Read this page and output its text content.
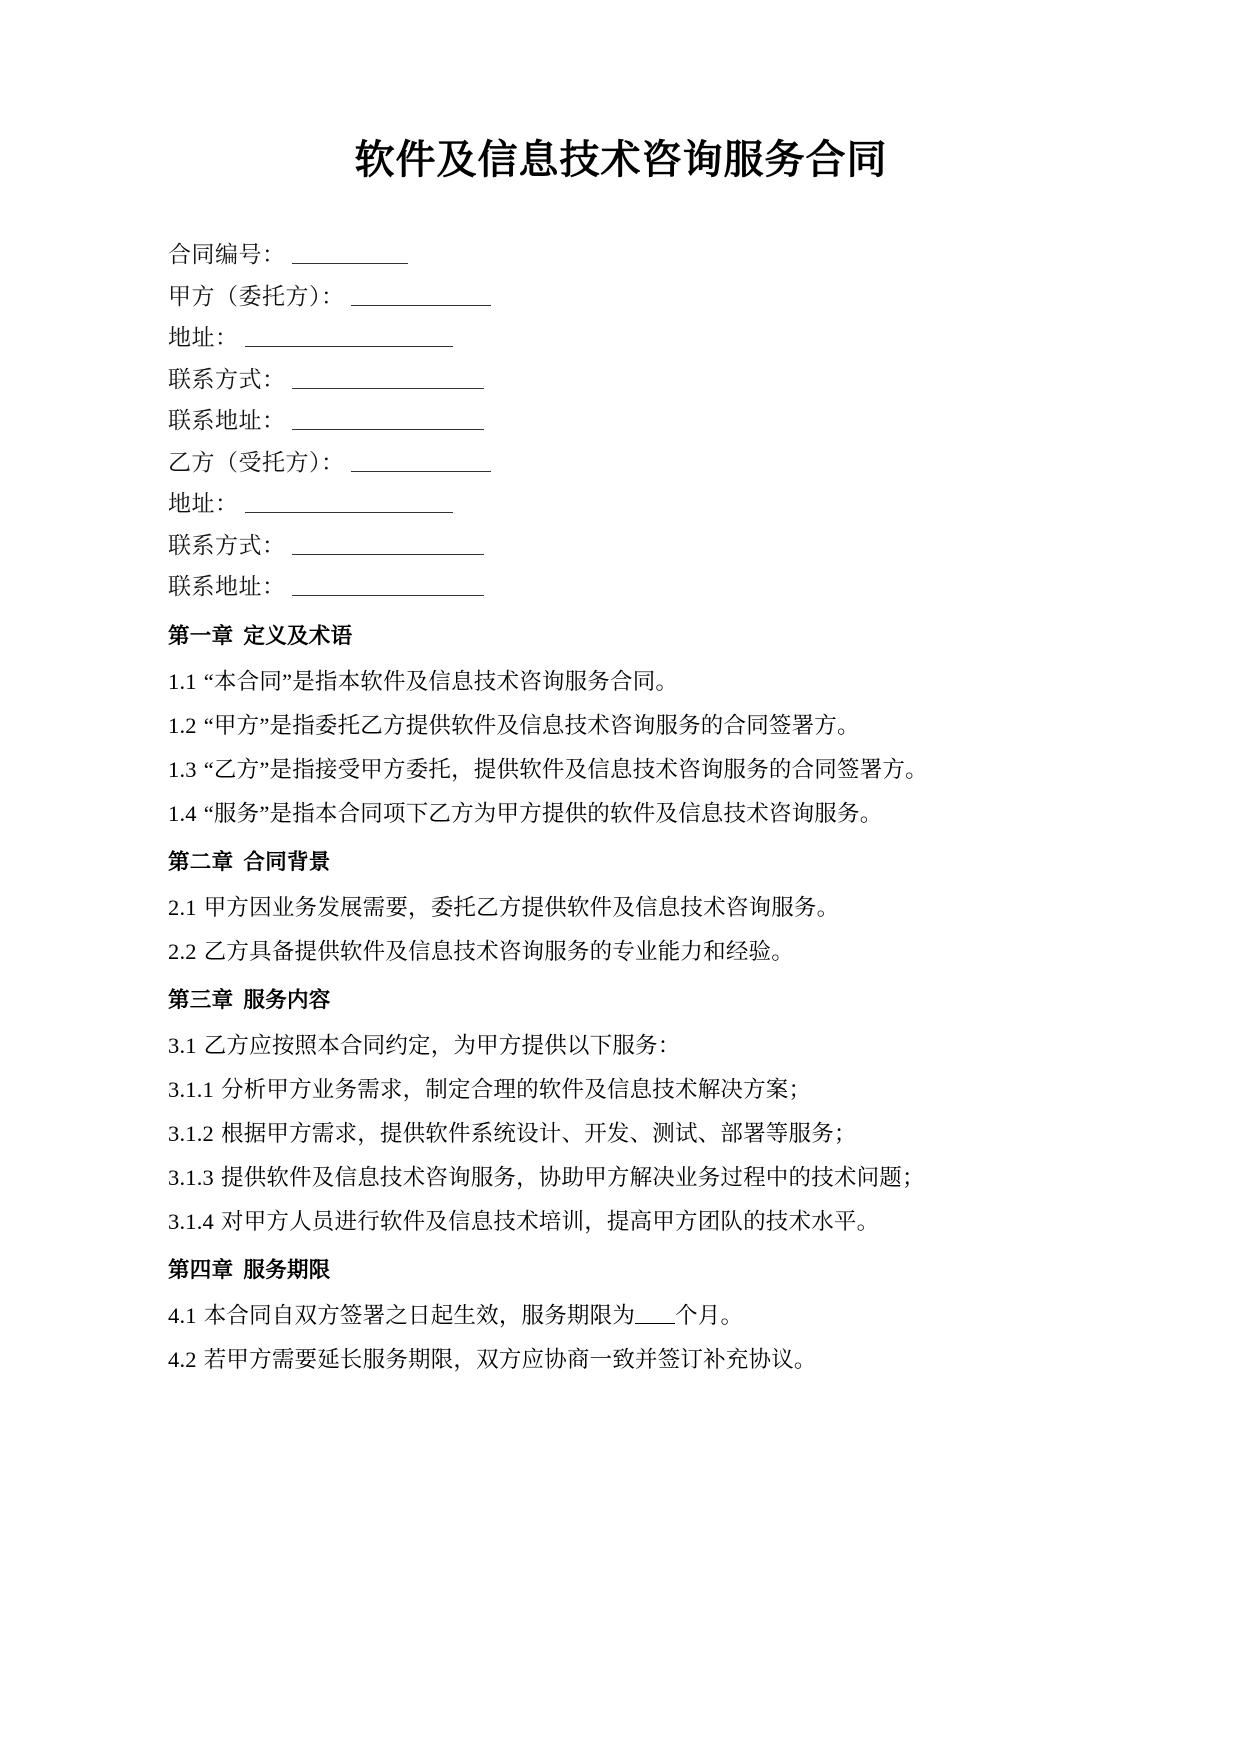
软件及信息技术咨询服务合同
合同编号：
甲方（委托方）：
地址：
联系方式：
联系地址：
乙方（受托方）：
地址：
联系方式：
联系地址：
第一章 定义及术语

1.1 “本合同”是指本软件及信息技术咨询服务合同。

1.2 “甲方”是指委托乙方提供软件及信息技术咨询服务的合同签署方。

1.3 “乙方”是指接受甲方委托，提供软件及信息技术咨询服务的合同签署方。

1.4 “服务”是指本合同项下乙方为甲方提供的软件及信息技术咨询服务。

第二章 合同背景

2.1 甲方因业务发展需要，委托乙方提供软件及信息技术咨询服务。

2.2 乙方具备提供软件及信息技术咨询服务的专业能力和经验。

第三章 服务内容

3.1 乙方应按照本合同约定，为甲方提供以下服务：

3.1.1 分析甲方业务需求，制定合理的软件及信息技术解决方案；

3.1.2 根据甲方需求，提供软件系统设计、开发、测试、部署等服务；

3.1.3 提供软件及信息技术咨询服务，协助甲方解决业务过程中的技术问题；

3.1.4 对甲方人员进行软件及信息技术培训，提高甲方团队的技术水平。

第四章 服务期限

4.1 本合同自双方签署之日起生效，服务期限为 个月。

4.2 若甲方需要延长服务期限，双方应协商一致并签订补充协议。
